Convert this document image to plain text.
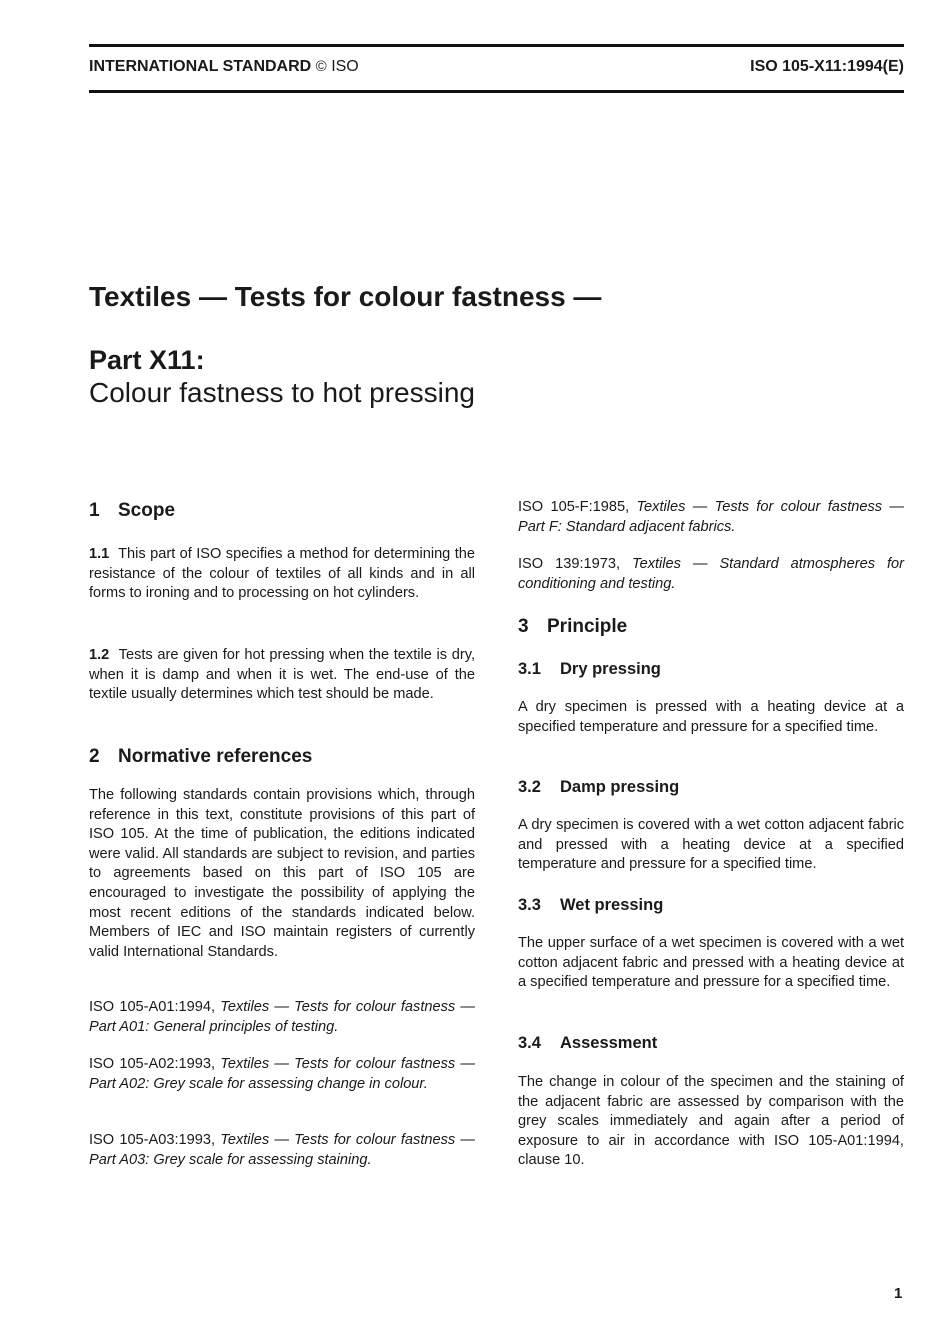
INTERNATIONAL STANDARD © ISO	ISO 105-X11:1994(E)
Textiles — Tests for colour fastness —
Part X11:
Colour fastness to hot pressing
1 Scope

1.1 This part of ISO specifies a method for determining the resistance of the colour of textiles of all kinds and in all forms to ironing and to processing on hot cylinders.

1.2 Tests are given for hot pressing when the textile is dry, when it is damp and when it is wet. The end-use of the textile usually determines which test should be made.

2 Normative references

The following standards contain provisions which, through reference in this text, constitute provisions of this part of ISO 105. At the time of publication, the editions indicated were valid. All standards are subject to revision, and parties to agreements based on this part of ISO 105 are encouraged to investigate the possibility of applying the most recent editions of the standards indicated below. Members of IEC and ISO maintain registers of currently valid International Standards.

ISO 105-A01:1994, Textiles — Tests for colour fastness — Part A01: General principles of testing.

ISO 105-A02:1993, Textiles — Tests for colour fastness — Part A02: Grey scale for assessing change in colour.

ISO 105-A03:1993, Textiles — Tests for colour fastness — Part A03: Grey scale for assessing staining.

ISO 105-F:1985, Textiles — Tests for colour fastness — Part F: Standard adjacent fabrics.

ISO 139:1973, Textiles — Standard atmospheres for conditioning and testing.

3 Principle
3.1 Dry pressing

A dry specimen is pressed with a heating device at a specified temperature and pressure for a specified time.

3.2 Damp pressing

A dry specimen is covered with a wet cotton adjacent fabric and pressed with a heating device at a specified temperature and pressure for a specified time.

3.3 Wet pressing

The upper surface of a wet specimen is covered with a wet cotton adjacent fabric and pressed with a heating device at a specified temperature and pressure for a specified time.

3.4 Assessment

The change in colour of the specimen and the staining of the adjacent fabric are assessed by comparison with the grey scales immediately and again after a period of exposure to air in accordance with ISO 105-A01:1994, clause 10.

1
